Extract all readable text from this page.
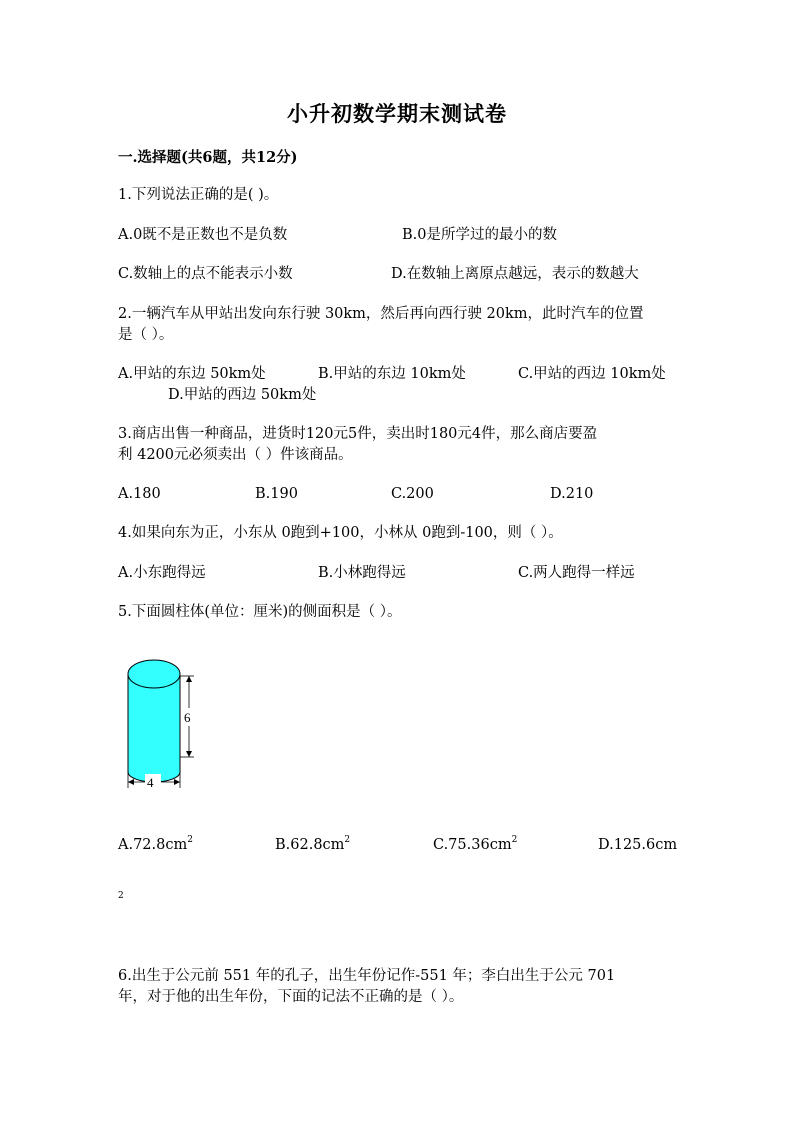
小升初数学期末测试卷
一.选择题(共6题，共12分)
1.下列说法正确的是( )。
A.0既不是正数也不是负数	B.0是所学过的最小的数
C.数轴上的点不能表示小数	D.在数轴上离原点越远，表示的数越大
2.一辆汽车从甲站出发向东行驶 30km，然后再向西行驶 20km，此时汽车的位置
是（ ）。
A.甲站的东边 50km处	B.甲站的东边 10km处	C.甲站的西边 10km处
D.甲站的西边 50km处
3.商店出售一种商品，进货时120元5件，卖出时180元4件，那么商店要盈
利 4200元必须卖出（ ）件该商品。
A.180	B.190	C.200	D.210
4.如果向东为正，小东从 0跑到+100，小林从 0跑到-100，则（ ）。
A.小东跑得远	B.小林跑得远	C.两人跑得一样远
5.下面圆柱体(单位：厘米)的侧面积是（ ）。
6
4
$A.72.8cm^2$	$B.62.8cm^2$	$C.75.36cm^2$	D.125.6cm
2
6.出生于公元前 551 年的孔子，出生年份记作-551 年；李白出生于公元 701
年，对于他的出生年份，下面的记法不正确的是（ ）。
